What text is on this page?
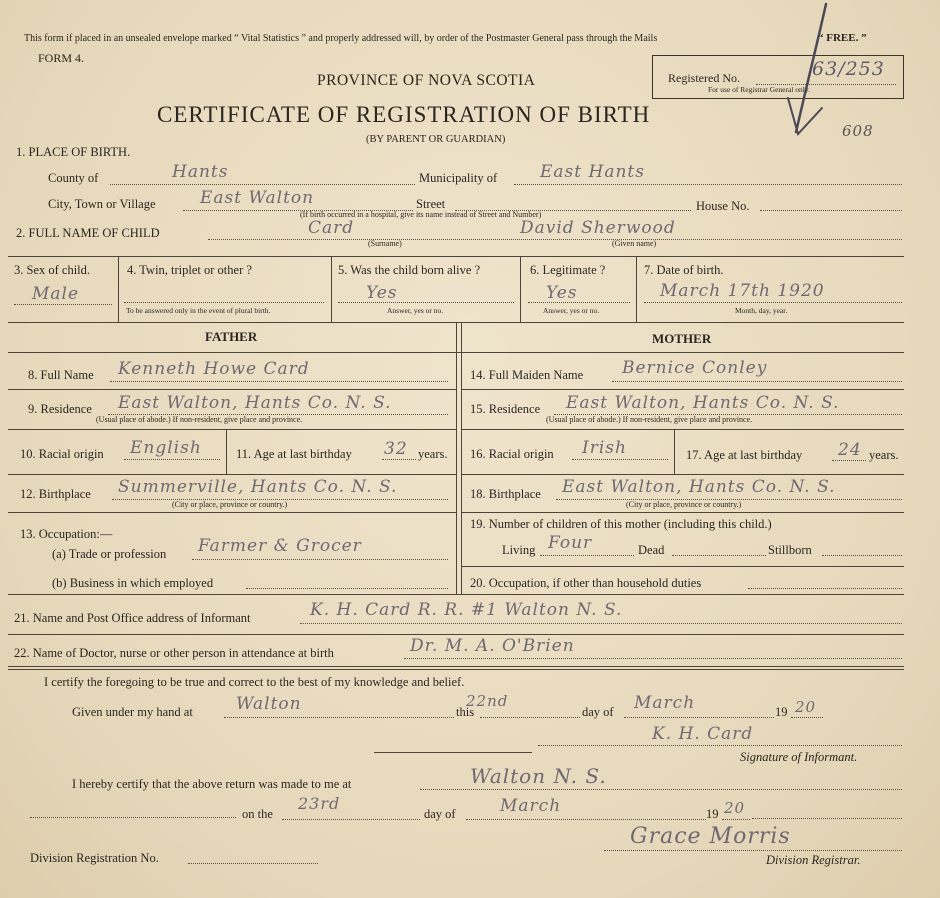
This form if placed in an unsealed envelope marked “ Vital Statistics ” and properly addressed will, by order of the Postmaster General pass through the Mails	“ FREE. ”
FORM 4.
PROVINCE OF NOVA SCOTIA
CERTIFICATE OF REGISTRATION OF BIRTH
(BY PARENT OR GUARDIAN)
Registered No.	63/253
For use of Registrar General only.
608
1. PLACE OF BIRTH.
County of	Hants	Municipality of	East Hants
City, Town or Village	East Walton	Street	House No.
(If birth occurred in a hospital, give its name instead of Street and Number)
2. FULL NAME OF CHILD	Card	David Sherwood
(Surname)	(Given name)
3. Sex of child.
Male
4. Twin, triplet or other ?
To be answered only in the event of plural birth.
5. Was the child born alive ?
Yes
Answer, yes or no.
6. Legitimate ?
Yes
Answer, yes or no.
7. Date of birth.
March 17th 1920
Month, day, year.
FATHER	MOTHER
8. Full Name Kenneth Howe Card
9. Residence East Walton, Hants Co. N. S.
(Usual place of abode.) If non-resident, give place and province.
10. Racial origin English	11. Age at last birthday 32 years.
12. Birthplace Summerville, Hants Co. N. S.
(City or place, province or country.)
13. Occupation:—
(a) Trade or profession Farmer & Grocer
(b) Business in which employed
14. Full Maiden Name Bernice Conley
15. Residence East Walton, Hants Co. N. S.
(Usual place of abode.) If non-resident, give place and province.
16. Racial origin Irish	17. Age at last birthday 24 years.
18. Birthplace East Walton, Hants Co. N. S.
(City or place, province or country.)
19. Number of children of this mother (including this child.)
Living Four	Dead	Stillborn
20. Occupation, if other than household duties
21. Name and Post Office address of Informant	K. H. Card R. R. #1 Walton N. S.
22. Name of Doctor, nurse or other person in attendance at birth	Dr. M. A. O'Brien
I certify the foregoing to be true and correct to the best of my knowledge and belief.
Given under my hand at	Walton	this
22nd
day of March	19 20
K. H. Card
Signature of Informant.
I hereby certify that the above return was made to me at	Walton N. S.
on the
23rd
day of	March	19 20
Grace Morris
Division Registration No.	Division Registrar.
